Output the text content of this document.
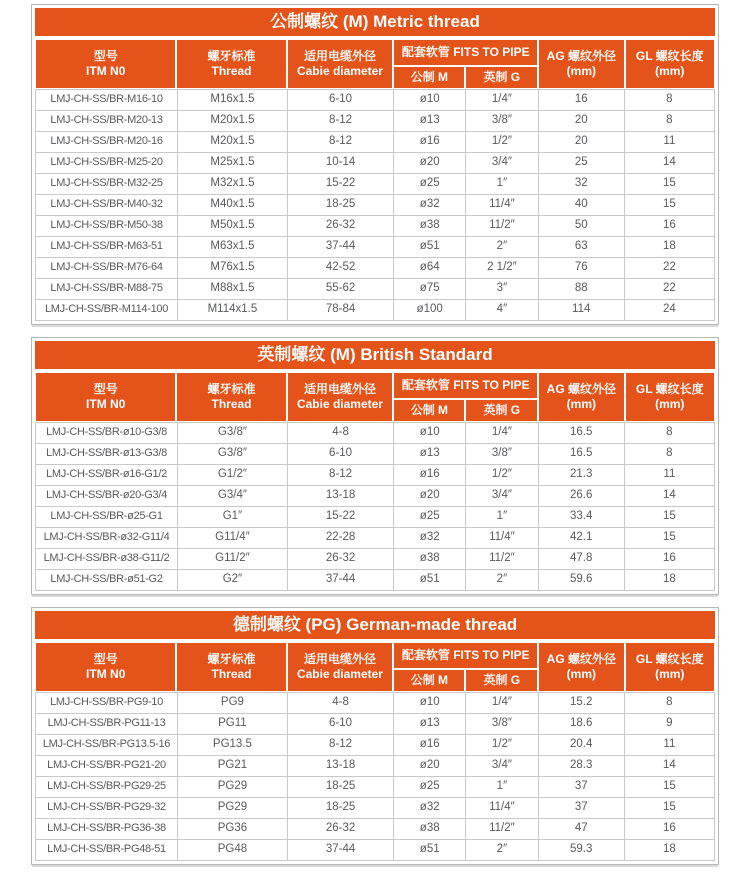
公制螺纹 (M) Metric thread
型号
ITM N0
螺牙标准
Thread
适用电缆外径
Cabie diameter
配套软管 FITS TO PIPE
公制 M	英制 G
AG 螺纹外径
(mm)
GL 螺纹长度
(mm)
LMJ-CH-SS/BR-M16-10	M16x1.5	6-10	ø10	1/4″	16	8
LMJ-CH-SS/BR-M20-13	M20x1.5	8-12	ø13	3/8″	20	8
LMJ-CH-SS/BR-M20-16	M20x1.5	8-12	ø16	1/2″	20	11
LMJ-CH-SS/BR-M25-20	M25x1.5	10-14	ø20	3/4″	25	14
LMJ-CH-SS/BR-M32-25	M32x1.5	15-22	ø25	1″	32	15
LMJ-CH-SS/BR-M40-32	M40x1.5	18-25	ø32	11/4″	40	15
LMJ-CH-SS/BR-M50-38	M50x1.5	26-32	ø38	11/2″	50	16
LMJ-CH-SS/BR-M63-51	M63x1.5	37-44	ø51	2″	63	18
LMJ-CH-SS/BR-M76-64	M76x1.5	42-52	ø64	2 1/2″	76	22
LMJ-CH-SS/BR-M88-75	M88x1.5	55-62	ø75	3″	88	22
LMJ-CH-SS/BR-M114-100	M114x1.5	78-84	ø100	4″	114	24
英制螺纹 (M) British Standard
型号
ITM N0
螺牙标准
Thread
适用电缆外径
Cabie diameter
配套软管 FITS TO PIPE
公制 M	英制 G
AG 螺纹外径
(mm)
GL 螺纹长度
(mm)
LMJ-CH-SS/BR-ø10-G3/8	G3/8″	4-8	ø10	1/4″	16.5	8
LMJ-CH-SS/BR-ø13-G3/8	G3/8″	6-10	ø13	3/8″	16.5	8
LMJ-CH-SS/BR-ø16-G1/2	G1/2″	8-12	ø16	1/2″	21.3	11
LMJ-CH-SS/BR-ø20-G3/4	G3/4″	13-18	ø20	3/4″	26.6	14
LMJ-CH-SS/BR-ø25-G1	G1″	15-22	ø25	1″	33.4	15
LMJ-CH-SS/BR-ø32-G11/4	G11/4″	22-28	ø32	11/4″	42.1	15
LMJ-CH-SS/BR-ø38-G11/2	G11/2″	26-32	ø38	11/2″	47.8	16
LMJ-CH-SS/BR-ø51-G2	G2″	37-44	ø51	2″	59.6	18
德制螺纹 (PG) German-made thread
型号
ITM N0
螺牙标准
Thread
适用电缆外径
Cabie diameter
配套软管 FITS TO PIPE
公制 M	英制 G
AG 螺纹外径
(mm)
GL 螺纹长度
(mm)
LMJ-CH-SS/BR-PG9-10	PG9	4-8	ø10	1/4″	15.2	8
LMJ-CH-SS/BR-PG11-13	PG11	6-10	ø13	3/8″	18.6	9
LMJ-CH-SS/BR-PG13.5-16	PG13.5	8-12	ø16	1/2″	20.4	11
LMJ-CH-SS/BR-PG21-20	PG21	13-18	ø20	3/4″	28.3	14
LMJ-CH-SS/BR-PG29-25	PG29	18-25	ø25	1″	37	15
LMJ-CH-SS/BR-PG29-32	PG29	18-25	ø32	11/4″	37	15
LMJ-CH-SS/BR-PG36-38	PG36	26-32	ø38	11/2″	47	16
LMJ-CH-SS/BR-PG48-51	PG48	37-44	ø51	2″	59.3	18
